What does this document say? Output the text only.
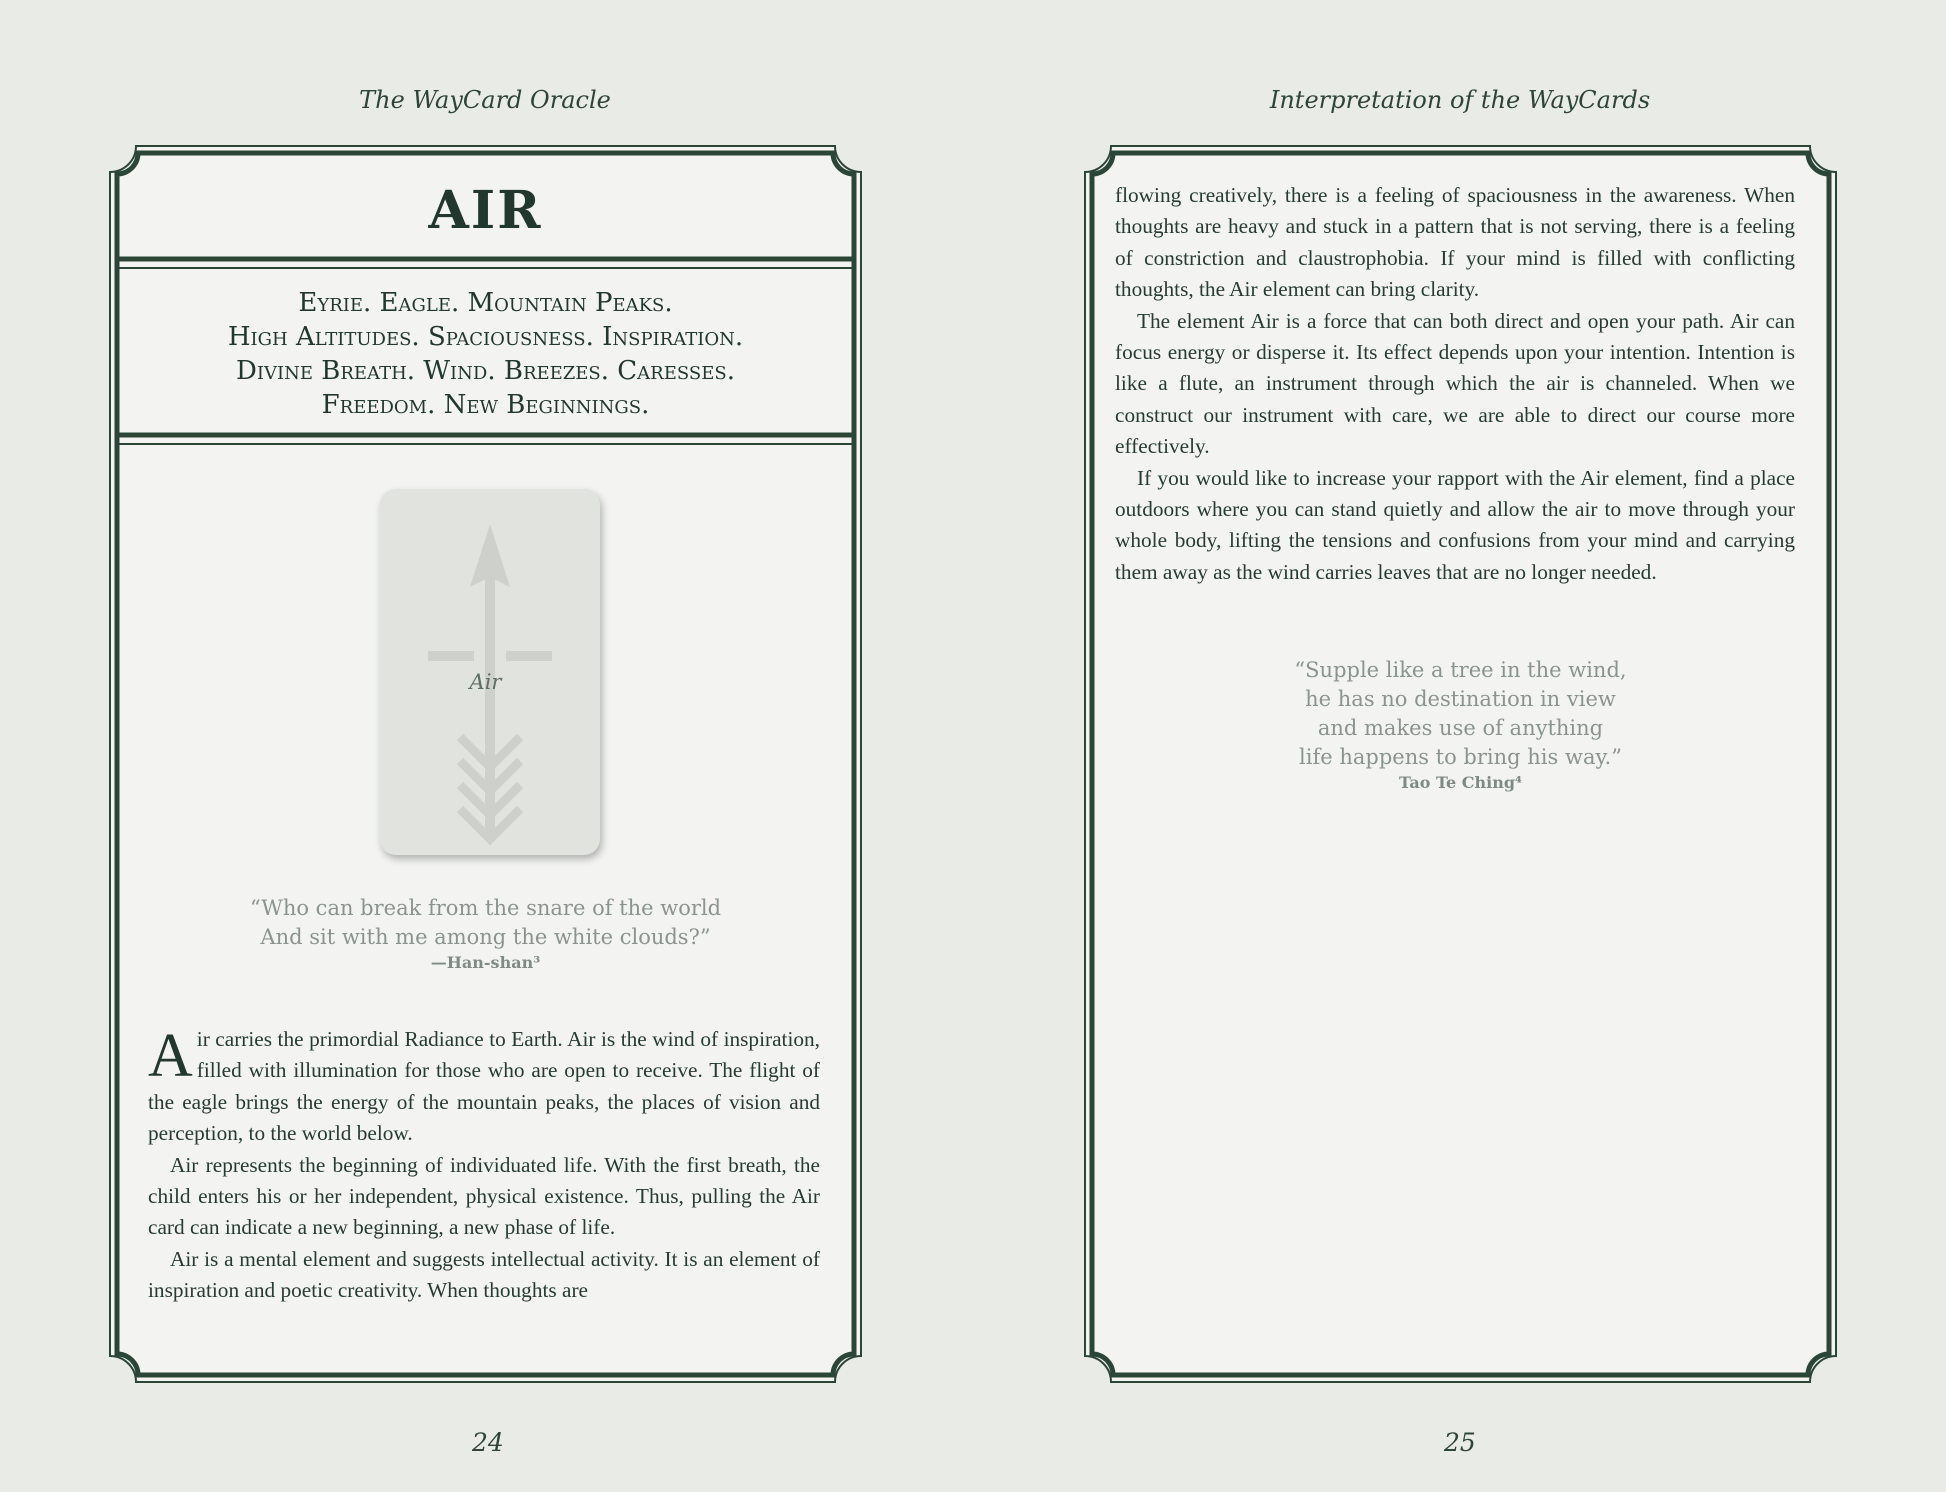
The WayCard Oracle
AIR
Eyrie. Eagle. Mountain Peaks.
High Altitudes. Spaciousness. Inspiration.
Divine Breath. Wind. Breezes. Caresses.
Freedom. New Beginnings.
Air
“Who can break from the snare of the world
And sit with me among the white clouds?”
—Han-shan³

Air carries the primordial Radiance to Earth. Air is the wind of inspiration, filled with illumination for those who are open to receive. The flight of the eagle brings the energy of the mountain peaks, the places of vision and perception, to the world below.

Air represents the beginning of individuated life. With the first breath, the child enters his or her independent, physical existence. Thus, pulling the Air card can indicate a new beginning, a new phase of life.

Air is a mental element and suggests intellectual activity. It is an element of inspiration and poetic creativity. When thoughts are

24
Interpretation of the WayCards

flowing creatively, there is a feeling of spaciousness in the awareness. When thoughts are heavy and stuck in a pattern that is not serving, there is a feeling of constriction and claustrophobia. If your mind is filled with conflicting thoughts, the Air element can bring clarity.

The element Air is a force that can both direct and open your path. Air can focus energy or disperse it. Its effect depends upon your intention. Intention is like a flute, an instrument through which the air is channeled. When we construct our instrument with care, we are able to direct our course more effectively.

If you would like to increase your rapport with the Air element, find a place outdoors where you can stand quietly and allow the air to move through your whole body, lifting the tensions and confusions from your mind and carrying them away as the wind carries leaves that are no longer needed.

“Supple like a tree in the wind,
he has no destination in view
and makes use of anything
life happens to bring his way.”
Tao Te Ching⁴
25
